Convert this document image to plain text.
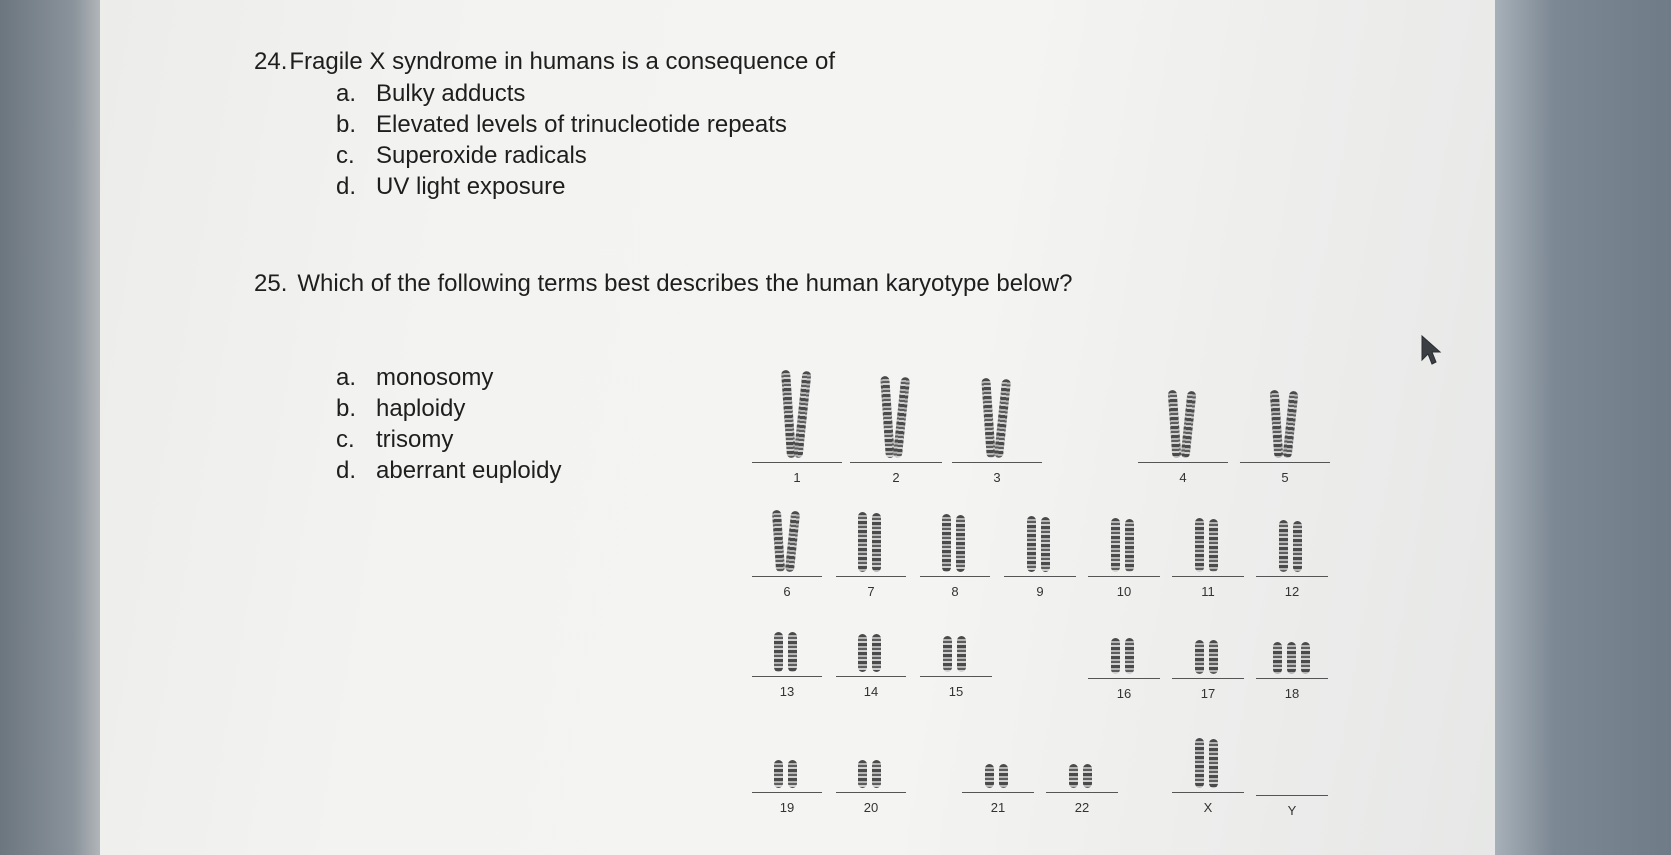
24.Fragile X syndrome in humans is a consequence of
a. Bulky adducts
b. Elevated levels of trinucleotide repeats
c. Superoxide radicals
d. UV light exposure
25. Which of the following terms best describes the human karyotype below?
a. monosomy
b. haploidy
c. trisomy
d. aberrant euploidy	1	2	3	4	5
6	7	8	9	10	11	12
13	14	15	16	17	18
19	20	21	22	X	Y
